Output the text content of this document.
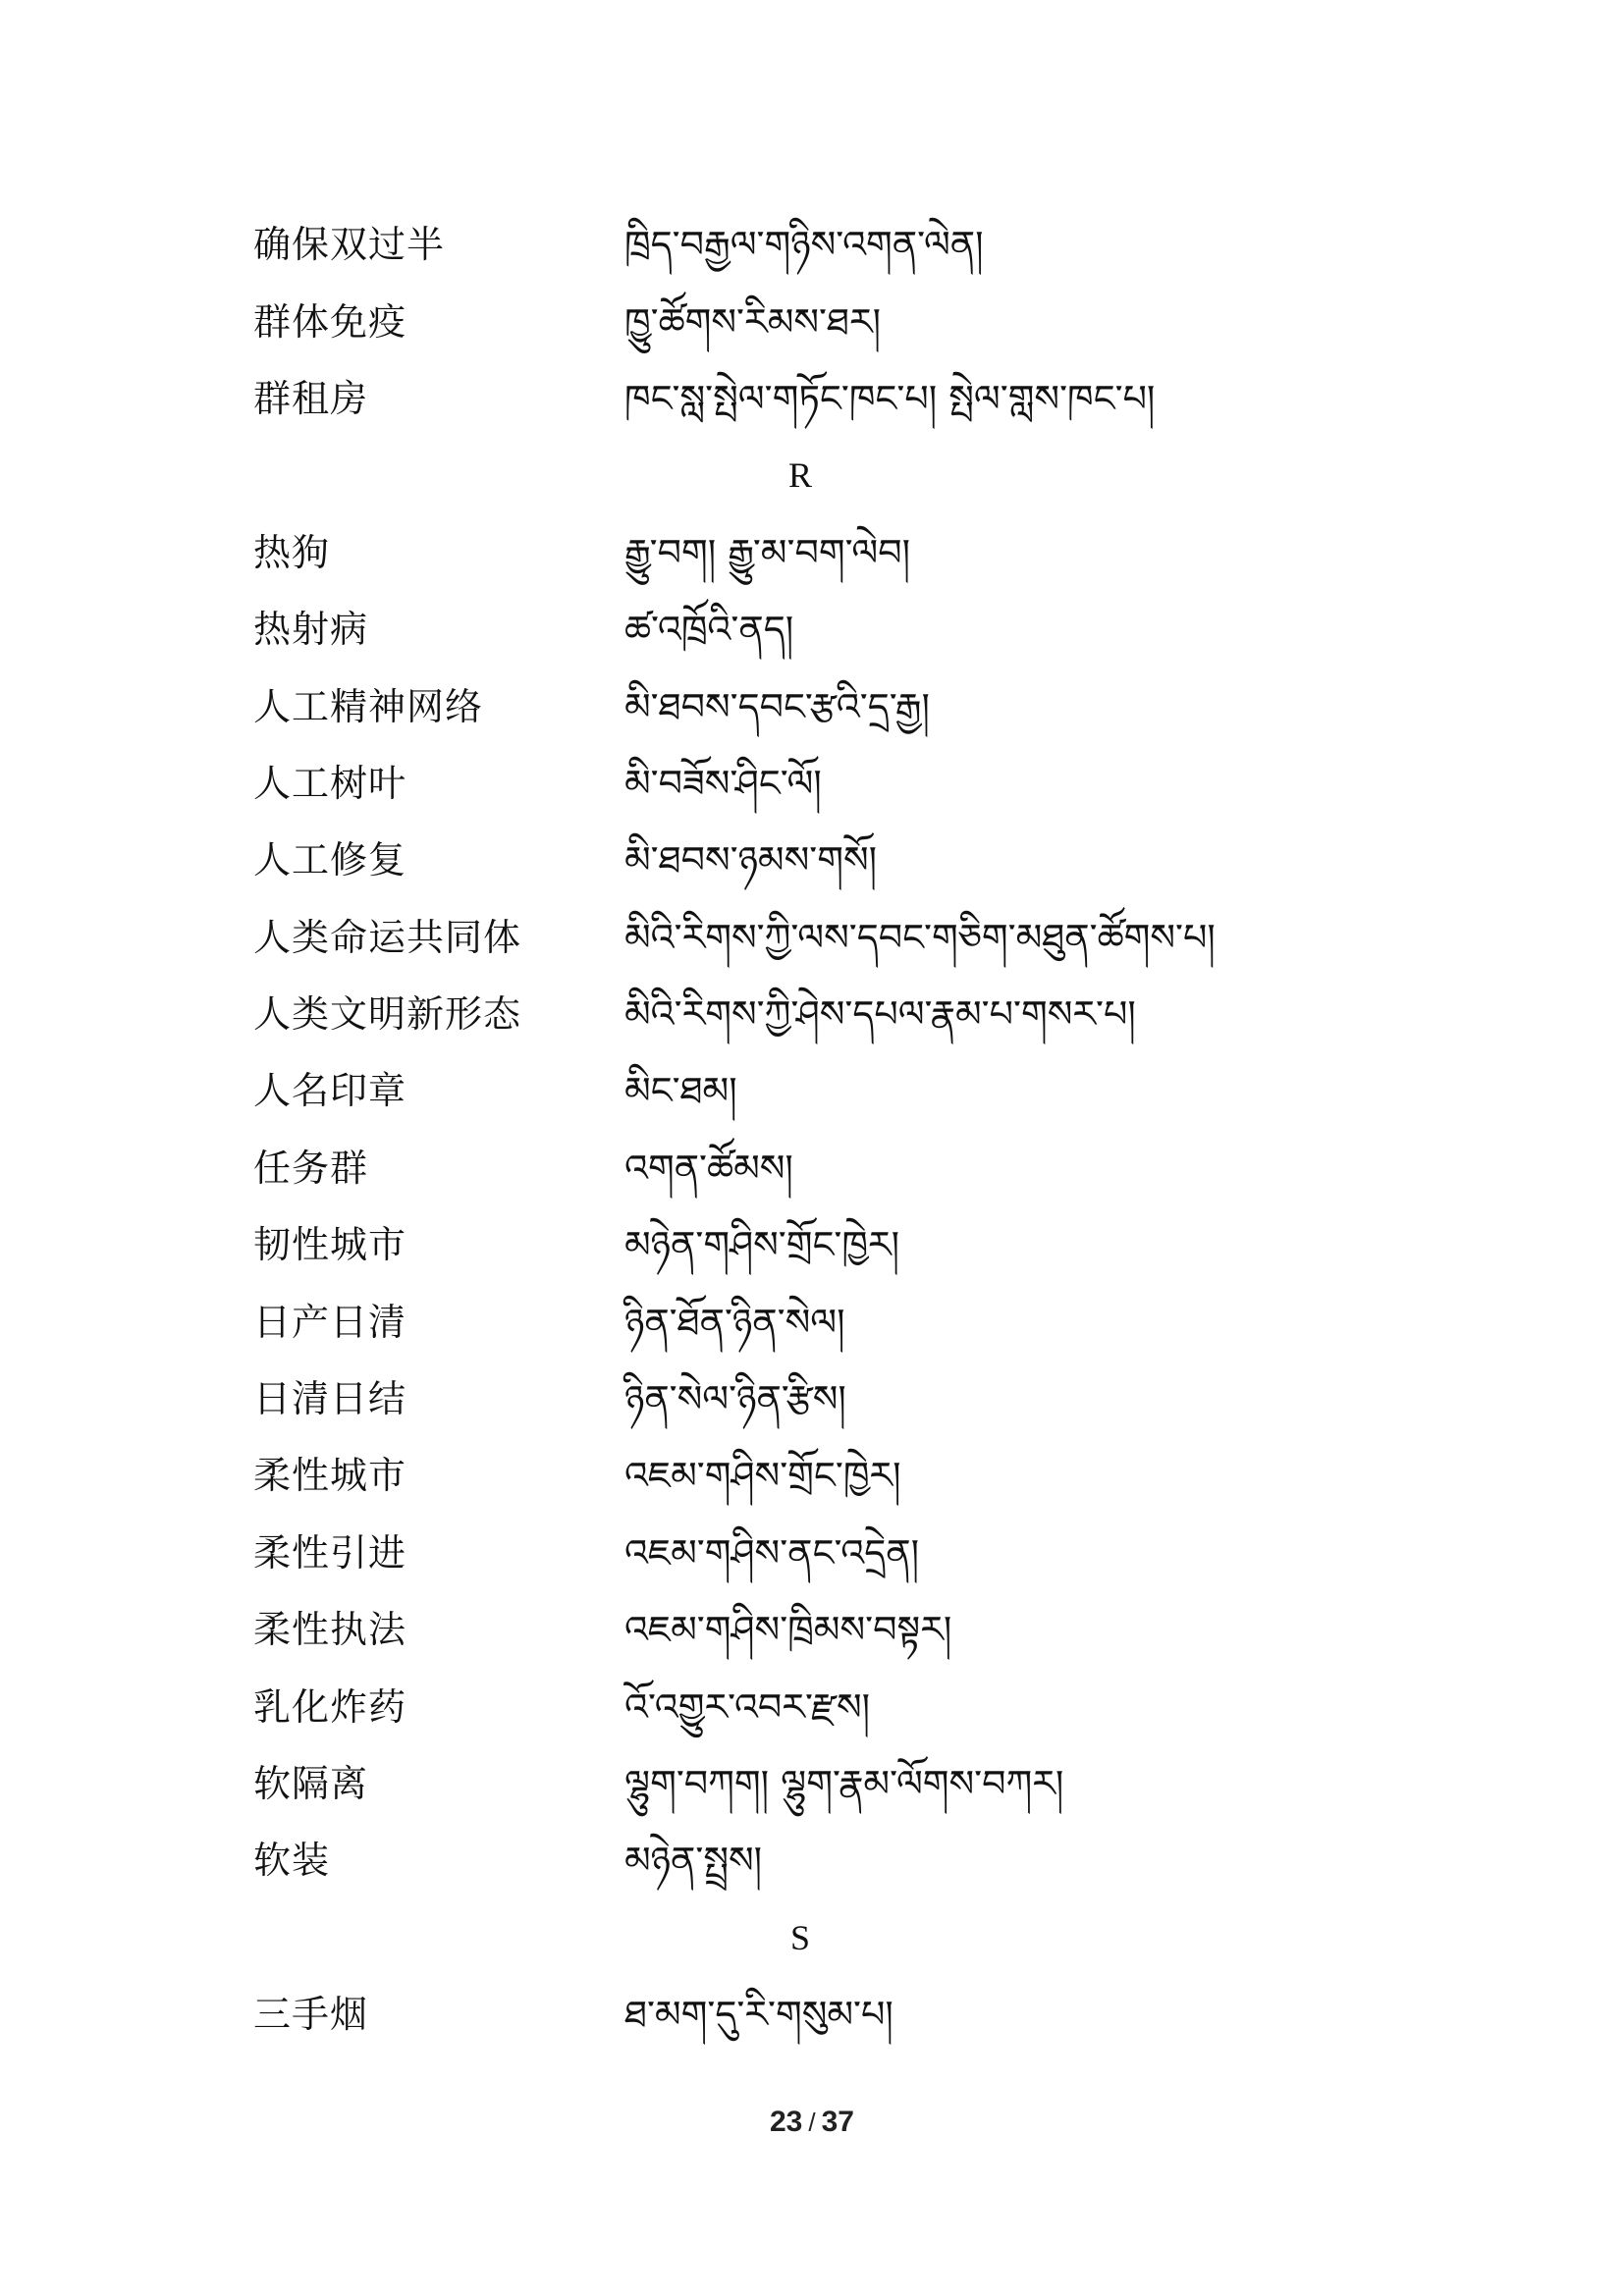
确保双过半	ཁྲིད་བརྒྱལ་གཉིས་འགན་ལེན།
群体免疫	ཁྱུ་ཚོགས་རིམས་ཐར།
群租房	ཁང་སླ་སྤེལ་གཏོང་ཁང་པ། སྤེལ་གླས་ཁང་པ།
R
热狗	རྒྱུ་བག། རྒྱུ་མ་བག་ལེབ།
热射病	ཚ་འཁྲོའི་ནད།
人工精神网络	མི་ཐབས་དབང་རྩའི་དྲ་རྒྱ།
人工树叶	མི་བཟོས་ཤིང་ལོ།
人工修复	མི་ཐབས་ཉམས་གསོ།
人类命运共同体	མིའི་རིགས་ཀྱི་ལས་དབང་གཅིག་མཐུན་ཚོགས་པ།
人类文明新形态	མིའི་རིགས་ཀྱི་ཤེས་དཔལ་རྣམ་པ་གསར་པ།
人名印章	མིང་ཐམ།
任务群	འགན་ཚོམས།
韧性城市	མཉེན་གཤིས་གྲོང་ཁྱེར།
日产日清	ཉིན་ཐོན་ཉིན་སེལ།
日清日结	ཉིན་སེལ་ཉིན་རྩིས།
柔性城市	འཇམ་གཤིས་གྲོང་ཁྱེར།
柔性引进	འཇམ་གཤིས་ནང་འདྲེན།
柔性执法	འཇམ་གཤིས་ཁྲིམས་བསྟར།
乳化炸药	འོ་འགྱུར་འབར་རྫས།
软隔离	ལྷུག་བཀག། ལྷུག་རྣམ་ལོགས་བཀར།
软装	མཉེན་སྤྲས།
S
三手烟	ཐ་མག་དུ་རི་གསུམ་པ།
23 / 37
